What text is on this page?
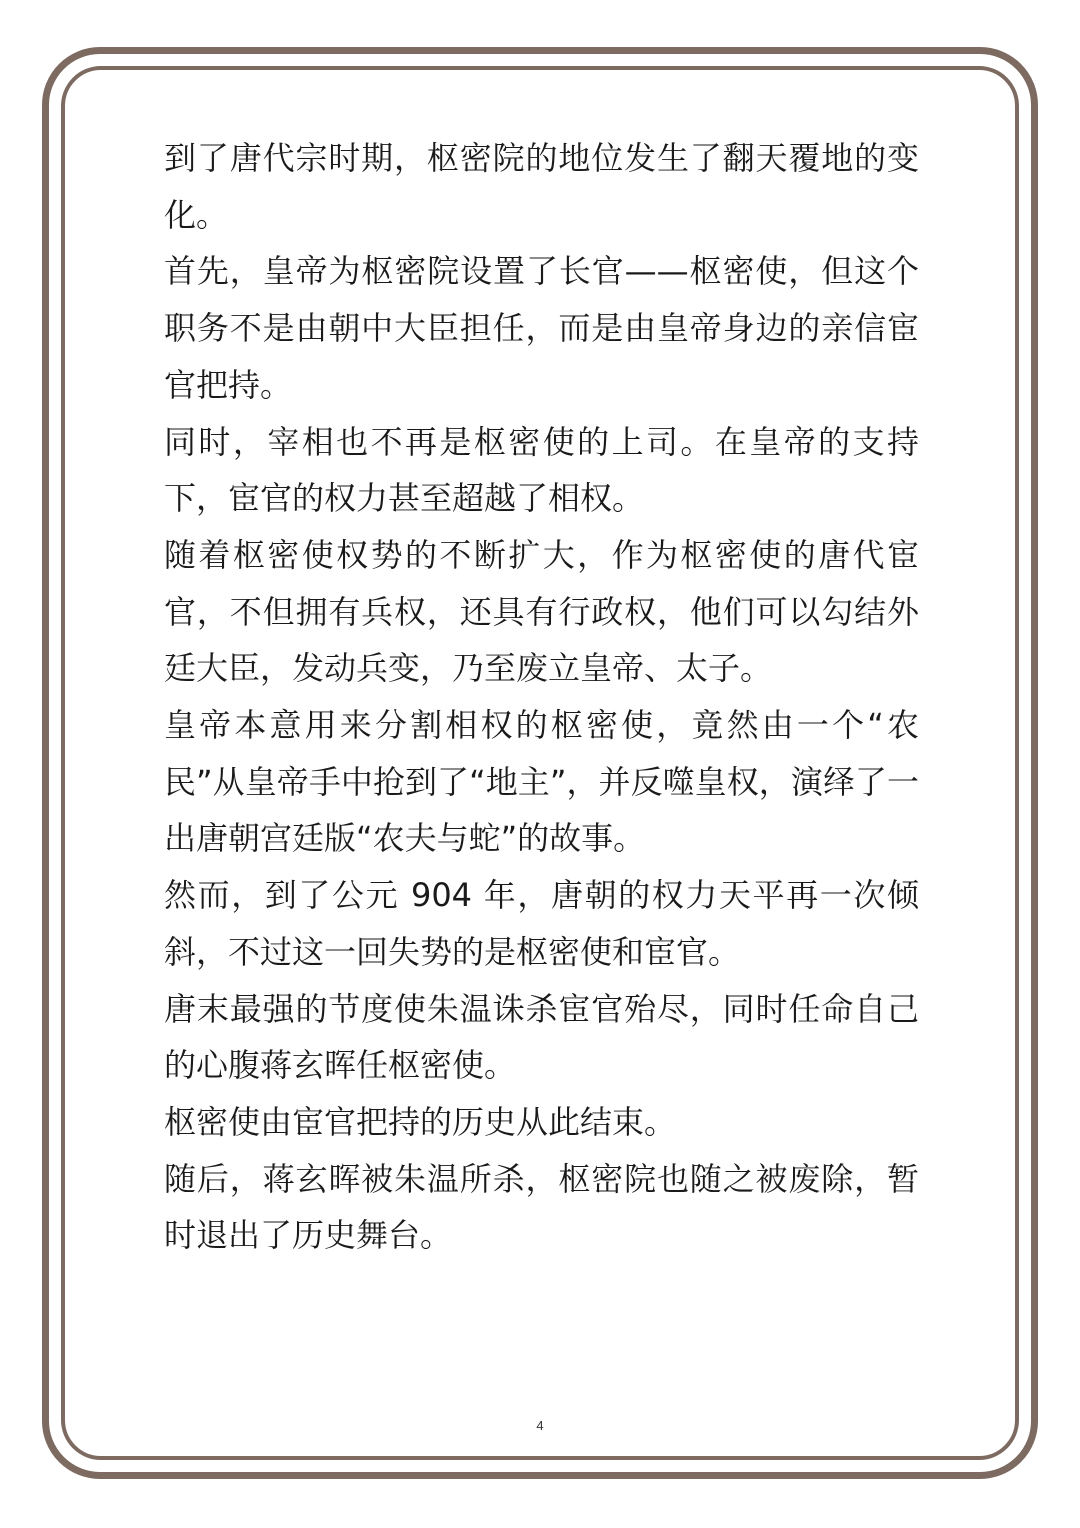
到了唐代宗时期，枢密院的地位发生了翻天覆地的变化。

首先，皇帝为枢密院设置了长官——枢密使，但这个职务不是由朝中大臣担任，而是由皇帝身边的亲信宦官把持。

同时，宰相也不再是枢密使的上司。在皇帝的支持下，宦官的权力甚至超越了相权。

随着枢密使权势的不断扩大，作为枢密使的唐代宦官，不但拥有兵权，还具有行政权，他们可以勾结外廷大臣，发动兵变，乃至废立皇帝、太子。

皇帝本意用来分割相权的枢密使，竟然由一个“农民”从皇帝手中抢到了“地主”，并反噬皇权，演绎了一出唐朝宫廷版“农夫与蛇”的故事。

然而，到了公元 904 年，唐朝的权力天平再一次倾斜，不过这一回失势的是枢密使和宦官。

唐末最强的节度使朱温诛杀宦官殆尽，同时任命自己的心腹蒋玄晖任枢密使。

枢密使由宦官把持的历史从此结束。

随后，蒋玄晖被朱温所杀，枢密院也随之被废除，暂时退出了历史舞台。

4
